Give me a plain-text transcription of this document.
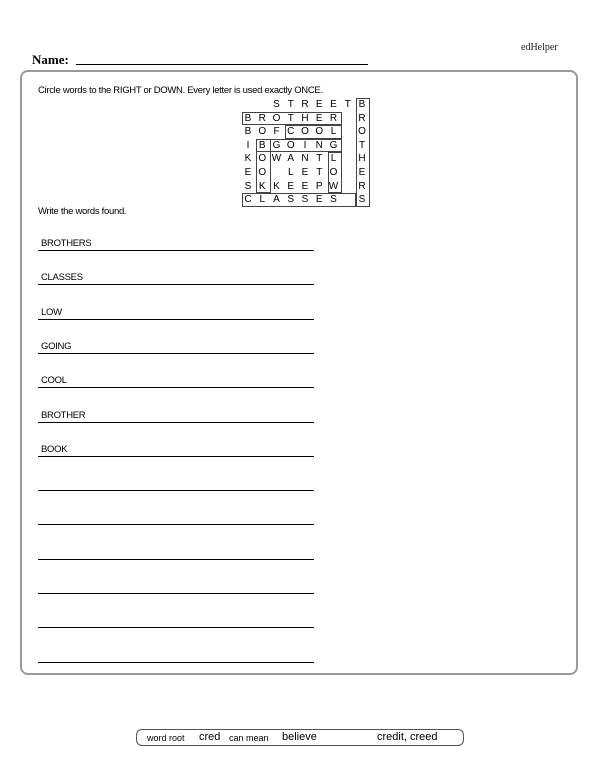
edHelper
Name:
Circle words to the RIGHT or DOWN. Every letter is used exactly ONCE.
S T R E E T B
B R O T H E R R
B O F C O O L	O
I B G O I N G T
K O W A N T L	H
E O	L E T O E
S K K E E P W R
C L A S S E S S
Write the words found.
BROTHERS
CLASSES
LOW
GOING
COOL
BROTHER
BOOK
word root cred can mean believe	credit, creed
